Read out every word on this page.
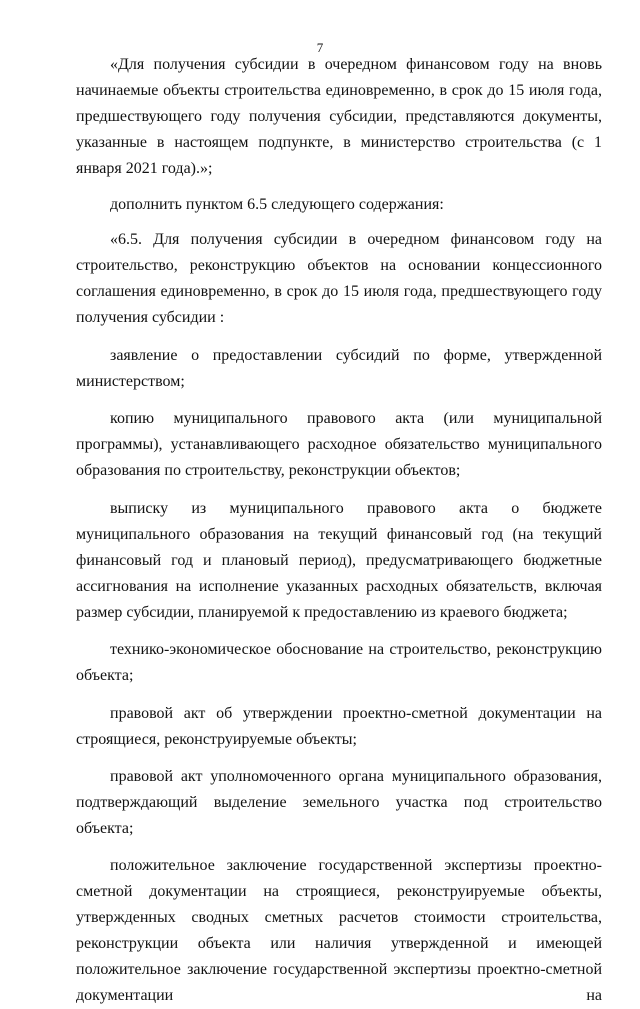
7

«Для получения субсидии в очередном финансовом году на вновь начинаемые объекты строительства единовременно, в срок до 15 июля года, предшествующего году получения субсидии, представляются документы, указанные в настоящем подпункте, в министерство строительства (с 1 января 2021 года).»;

дополнить пунктом 6.5 следующего содержания:

«6.5. Для получения субсидии в очередном финансовом году на строительство, реконструкцию объектов на основании концессионного соглашения единовременно, в срок до 15 июля года, предшествующего году получения субсидии :

заявление о предоставлении субсидий по форме, утвержденной министерством;

копию муниципального правового акта (или муниципальной программы), устанавливающего расходное обязательство муниципального образования по строительству, реконструкции объектов;

выписку из муниципального правового акта о бюджете муниципального образования на текущий финансовый год (на текущий финансовый год и плановый период), предусматривающего бюджетные ассигнования на исполнение указанных расходных обязательств, включая размер субсидии, планируемой к предоставлению из краевого бюджета;

технико-экономическое обоснование на строительство, реконструкцию объекта;

правовой акт об утверждении проектно-сметной документации на строящиеся, реконструируемые объекты;

правовой акт уполномоченного органа муниципального образования, подтверждающий выделение земельного участка под строительство объекта;

положительное заключение государственной экспертизы проектно-сметной документации на строящиеся, реконструируемые объекты, утвержденных сводных сметных расчетов стоимости строительства, реконструкции объекта или наличия утвержденной и имеющей положительное заключение государственной экспертизы проектно-сметной документации на
